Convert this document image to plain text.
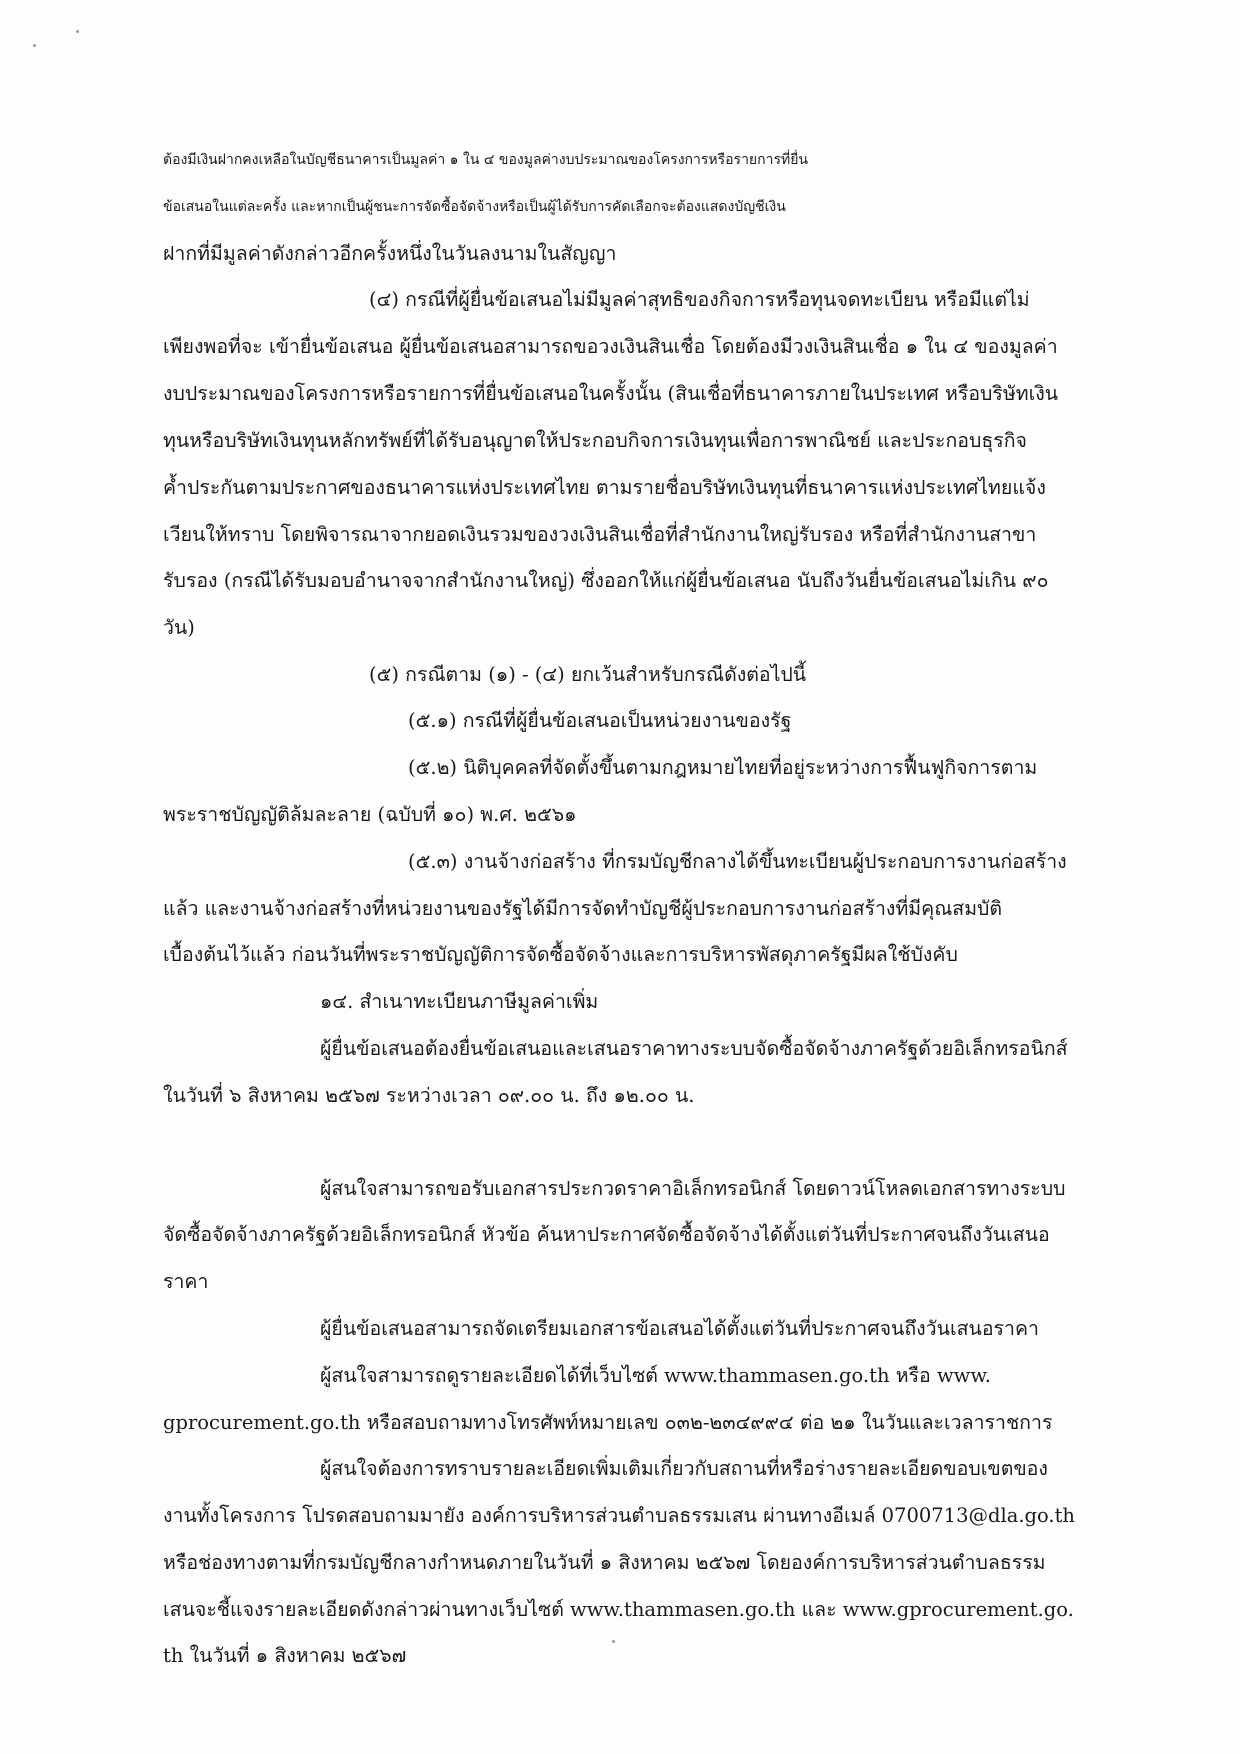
ต้องมีเงินฝากคงเหลือในบัญชีธนาคารเป็นมูลค่า ๑ ใน ๔ ของมูลค่างบประมาณของโครงการหรือรายการที่ยื่น
ข้อเสนอในแต่ละครั้ง และหากเป็นผู้ชนะการจัดซื้อจัดจ้างหรือเป็นผู้ได้รับการคัดเลือกจะต้องแสดงบัญชีเงิน
ฝากที่มีมูลค่าดังกล่าวอีกครั้งหนึ่งในวันลงนามในสัญญา
(๔) กรณีที่ผู้ยื่นข้อเสนอไม่มีมูลค่าสุทธิของกิจการหรือทุนจดทะเบียน หรือมีแต่ไม่
เพียงพอที่จะ เข้ายื่นข้อเสนอ ผู้ยื่นข้อเสนอสามารถขอวงเงินสินเชื่อ โดยต้องมีวงเงินสินเชื่อ ๑ ใน ๔ ของมูลค่า
งบประมาณของโครงการหรือรายการที่ยื่นข้อเสนอในครั้งนั้น (สินเชื่อที่ธนาคารภายในประเทศ หรือบริษัทเงิน
ทุนหรือบริษัทเงินทุนหลักทรัพย์ที่ได้รับอนุญาตให้ประกอบกิจการเงินทุนเพื่อการพาณิชย์ และประกอบธุรกิจ
ค้ำประกันตามประกาศของธนาคารแห่งประเทศไทย ตามรายชื่อบริษัทเงินทุนที่ธนาคารแห่งประเทศไทยแจ้ง
เวียนให้ทราบ โดยพิจารณาจากยอดเงินรวมของวงเงินสินเชื่อที่สำนักงานใหญ่รับรอง หรือที่สำนักงานสาขา
รับรอง (กรณีได้รับมอบอำนาจจากสำนักงานใหญ่) ซึ่งออกให้แก่ผู้ยื่นข้อเสนอ นับถึงวันยื่นข้อเสนอไม่เกิน ๙๐
วัน)
(๕) กรณีตาม (๑) - (๔) ยกเว้นสำหรับกรณีดังต่อไปนี้
(๕.๑) กรณีที่ผู้ยื่นข้อเสนอเป็นหน่วยงานของรัฐ
(๕.๒) นิติบุคคลที่จัดตั้งขึ้นตามกฎหมายไทยที่อยู่ระหว่างการฟื้นฟูกิจการตาม
พระราชบัญญัติล้มละลาย (ฉบับที่ ๑๐) พ.ศ. ๒๕๖๑
(๕.๓) งานจ้างก่อสร้าง ที่กรมบัญชีกลางได้ขึ้นทะเบียนผู้ประกอบการงานก่อสร้าง
แล้ว และงานจ้างก่อสร้างที่หน่วยงานของรัฐได้มีการจัดทำบัญชีผู้ประกอบการงานก่อสร้างที่มีคุณสมบัติ
เบื้องต้นไว้แล้ว ก่อนวันที่พระราชบัญญัติการจัดซื้อจัดจ้างและการบริหารพัสดุภาครัฐมีผลใช้บังคับ
๑๔. สำเนาทะเบียนภาษีมูลค่าเพิ่ม
ผู้ยื่นข้อเสนอต้องยื่นข้อเสนอและเสนอราคาทางระบบจัดซื้อจัดจ้างภาครัฐด้วยอิเล็กทรอนิกส์
ในวันที่ ๖ สิงหาคม ๒๕๖๗ ระหว่างเวลา ๐๙.๐๐ น. ถึง ๑๒.๐๐ น.
ผู้สนใจสามารถขอรับเอกสารประกวดราคาอิเล็กทรอนิกส์ โดยดาวน์โหลดเอกสารทางระบบ
จัดซื้อจัดจ้างภาครัฐด้วยอิเล็กทรอนิกส์ หัวข้อ ค้นหาประกาศจัดซื้อจัดจ้างได้ตั้งแต่วันที่ประกาศจนถึงวันเสนอ
ราคา
ผู้ยื่นข้อเสนอสามารถจัดเตรียมเอกสารข้อเสนอได้ตั้งแต่วันที่ประกาศจนถึงวันเสนอราคา
ผู้สนใจสามารถดูรายละเอียดได้ที่เว็บไซต์ www.thammasen.go.th หรือ www.
gprocurement.go.th หรือสอบถามทางโทรศัพท์หมายเลข ๐๓๒-๒๓๔๙๙๔ ต่อ ๒๑ ในวันและเวลาราชการ
ผู้สนใจต้องการทราบรายละเอียดเพิ่มเติมเกี่ยวกับสถานที่หรือร่างรายละเอียดขอบเขตของ
งานทั้งโครงการ โปรดสอบถามมายัง องค์การบริหารส่วนตำบลธรรมเสน ผ่านทางอีเมล์ 0700713@dla.go.th
หรือช่องทางตามที่กรมบัญชีกลางกำหนดภายในวันที่ ๑ สิงหาคม ๒๕๖๗ โดยองค์การบริหารส่วนตำบลธรรม
เสนจะชี้แจงรายละเอียดดังกล่าวผ่านทางเว็บไซต์ www.thammasen.go.th และ www.gprocurement.go.
th ในวันที่ ๑ สิงหาคม ๒๕๖๗
